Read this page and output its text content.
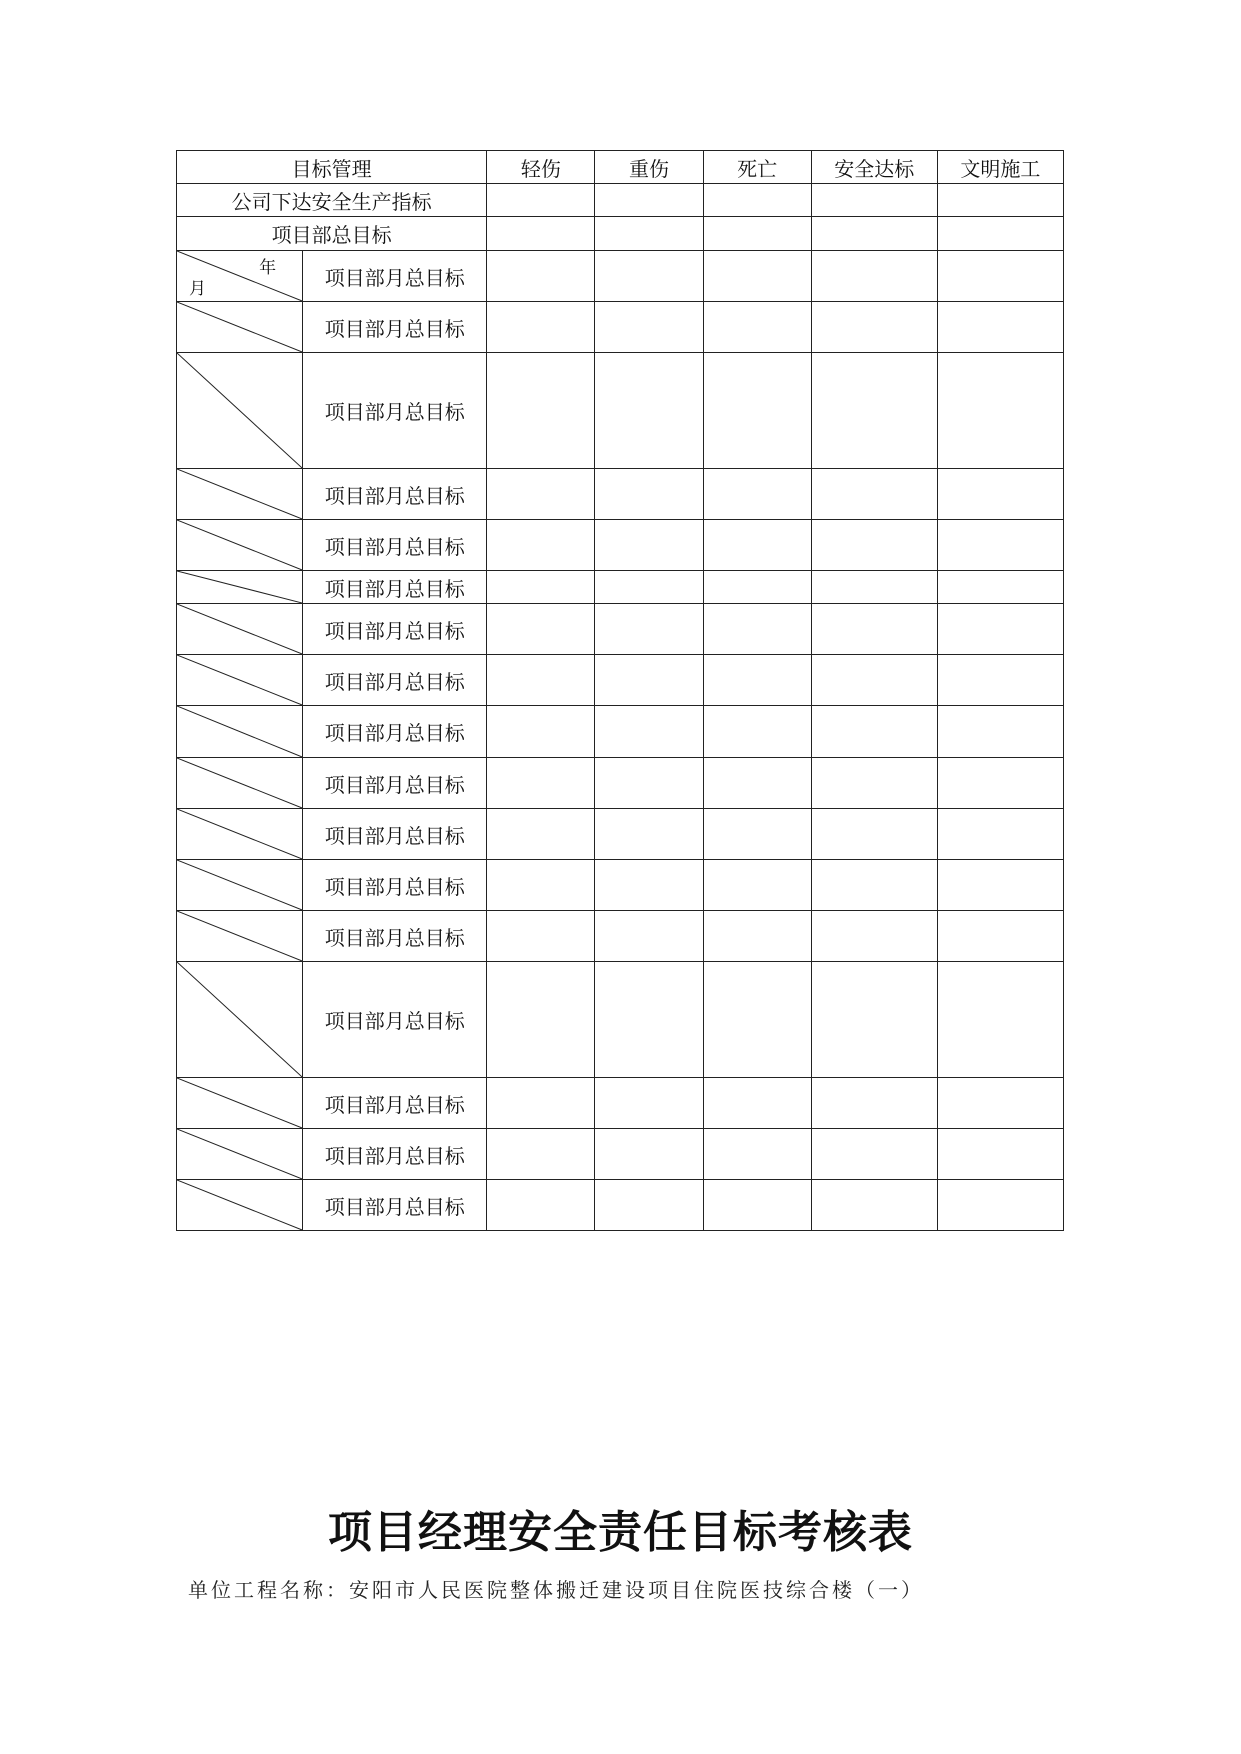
目标管理		轻伤	重伤	死亡	安全达标	文明施工
公司下达安全生产指标						
项目部总目标						

年
月	项目部月总目标					

	项目部月总目标					

	项目部月总目标					

	项目部月总目标					

	项目部月总目标					

	项目部月总目标					

	项目部月总目标					

	项目部月总目标					

	项目部月总目标					

	项目部月总目标					

	项目部月总目标					

	项目部月总目标					

	项目部月总目标					

	项目部月总目标					

	项目部月总目标					

	项目部月总目标					

	项目部月总目标					
项目经理安全责任目标考核表
单位工程名称：安阳市人民医院整体搬迁建设项目住院医技综合楼（一）
